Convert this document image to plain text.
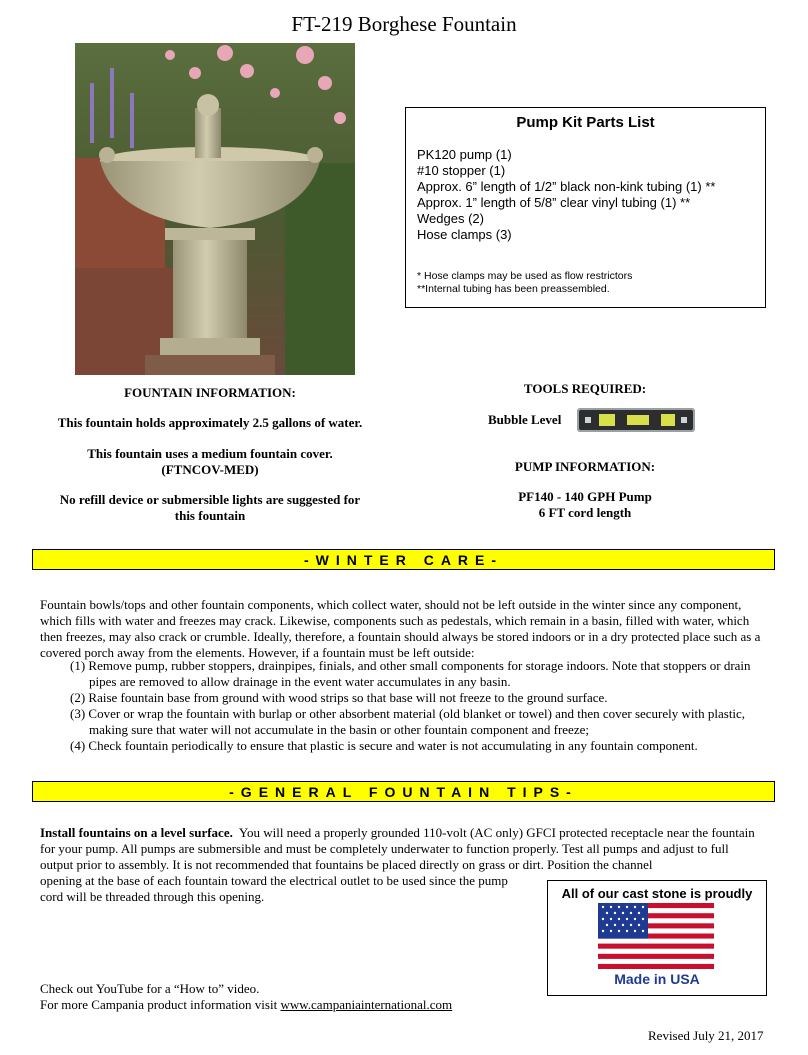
FT-219 Borghese Fountain
Pump Kit Parts List
PK120 pump (1)
#10 stopper (1)
Approx. 6” length of 1/2” black non-kink tubing (1) **
Approx. 1” length of 5/8” clear vinyl tubing (1) **
Wedges (2)
Hose clamps (3)
* Hose clamps may be used as flow restrictors
**Internal tubing has been preassembled.
FOUNTAIN INFORMATION:
This fountain holds approximately 2.5 gallons of water.
This fountain uses a medium fountain cover.
(FTNCOV-MED)
No refill device or submersible lights are suggested for
this fountain
TOOLS REQUIRED:
Bubble Level
PUMP INFORMATION:
PF140 - 140 GPH Pump
6 FT cord length
-WINTER CARE-
Fountain bowls/tops and other fountain components, which collect water, should not be left outside in the winter since any component, which fills with water and freezes may crack. Likewise, components such as pedestals, which remain in a basin, filled with water, which then freezes, may also crack or crumble. Ideally, therefore, a fountain should always be stored indoors or in a dry protected place such as a covered porch away from the elements. However, if a fountain must be left outside:
(1) Remove pump, rubber stoppers, drainpipes, finials, and other small components for storage indoors. Note that stoppers or drain pipes are removed to allow drainage in the event water accumulates in any basin.
(2) Raise fountain base from ground with wood strips so that base will not freeze to the ground surface.
(3) Cover or wrap the fountain with burlap or other absorbent material (old blanket or towel) and then cover securely with plastic, making sure that water will not accumulate in the basin or other fountain component and freeze;
(4) Check fountain periodically to ensure that plastic is secure and water is not accumulating in any fountain component.
-GENERAL FOUNTAIN TIPS-
Install fountains on a level surface. You will need a properly grounded 110-volt (AC only) GFCI protected receptacle near the fountain for your pump. All pumps are submersible and must be completely underwater to function properly. Test all pumps and adjust to full output prior to assembly. It is not recommended that fountains be placed directly on grass or dirt. Position the channel
opening at the base of each fountain toward the electrical outlet to be used since the pump
cord will be threaded through this opening.	All of our cast stone is proudly
Made in USA
Check out YouTube for a “How to” video.
For more Campania product information visit www.campaniainternational.com
Revised July 21, 2017
